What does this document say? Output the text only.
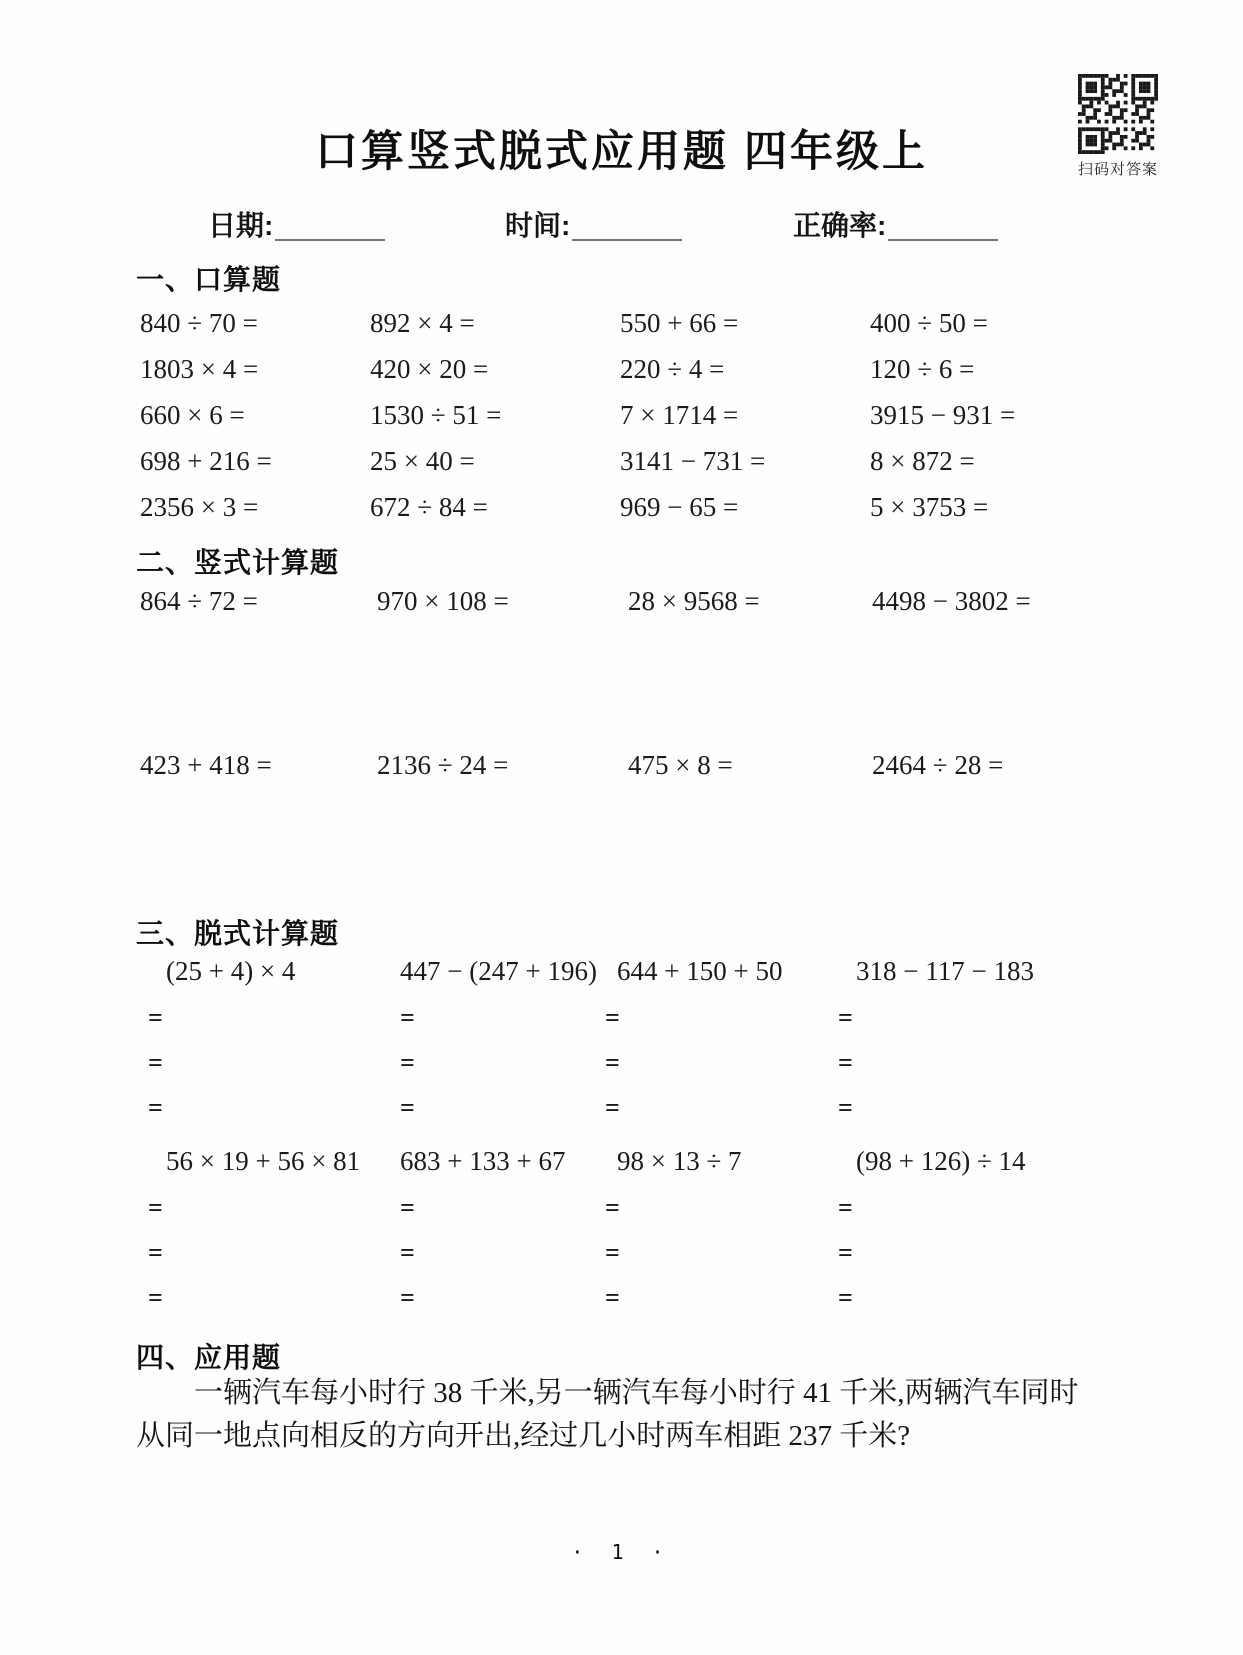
扫码对答案
口算竖式脱式应用题 四年级上
日期:	时间:	正确率:
一、口算题
840 ÷ 70 =	892 × 4 =	550 + 66 =	400 ÷ 50 =
1803 × 4 =	420 × 20 =	220 ÷ 4 =	120 ÷ 6 =
660 × 6 =	1530 ÷ 51 =	7 × 1714 =	3915 − 931 =
698 + 216 =	25 × 40 =	3141 − 731 =	8 × 872 =
2356 × 3 =	672 ÷ 84 =	969 − 65 =	5 × 3753 =
二、竖式计算题
864 ÷ 72 =	970 × 108 =	28 × 9568 =	4498 − 3802 =
423 + 418 =	2136 ÷ 24 =	475 × 8 =	2464 ÷ 28 =
三、脱式计算题
(25 + 4) × 4
=
=
=
447 − (247 + 196)
=
=
=
644 + 150 + 50
=
=
=
318 − 117 − 183
=
=
=
56 × 19 + 56 × 81
=
=
=
683 + 133 + 67
=
=
=
98 × 13 ÷ 7
=
=
=
(98 + 126) ÷ 14
=
=
=
四、应用题
一辆汽车每小时行 38 千米,另一辆汽车每小时行 41 千米,两辆汽车同时
从同一地点向相反的方向开出,经过几小时两车相距 237 千米?
· 1 ·
